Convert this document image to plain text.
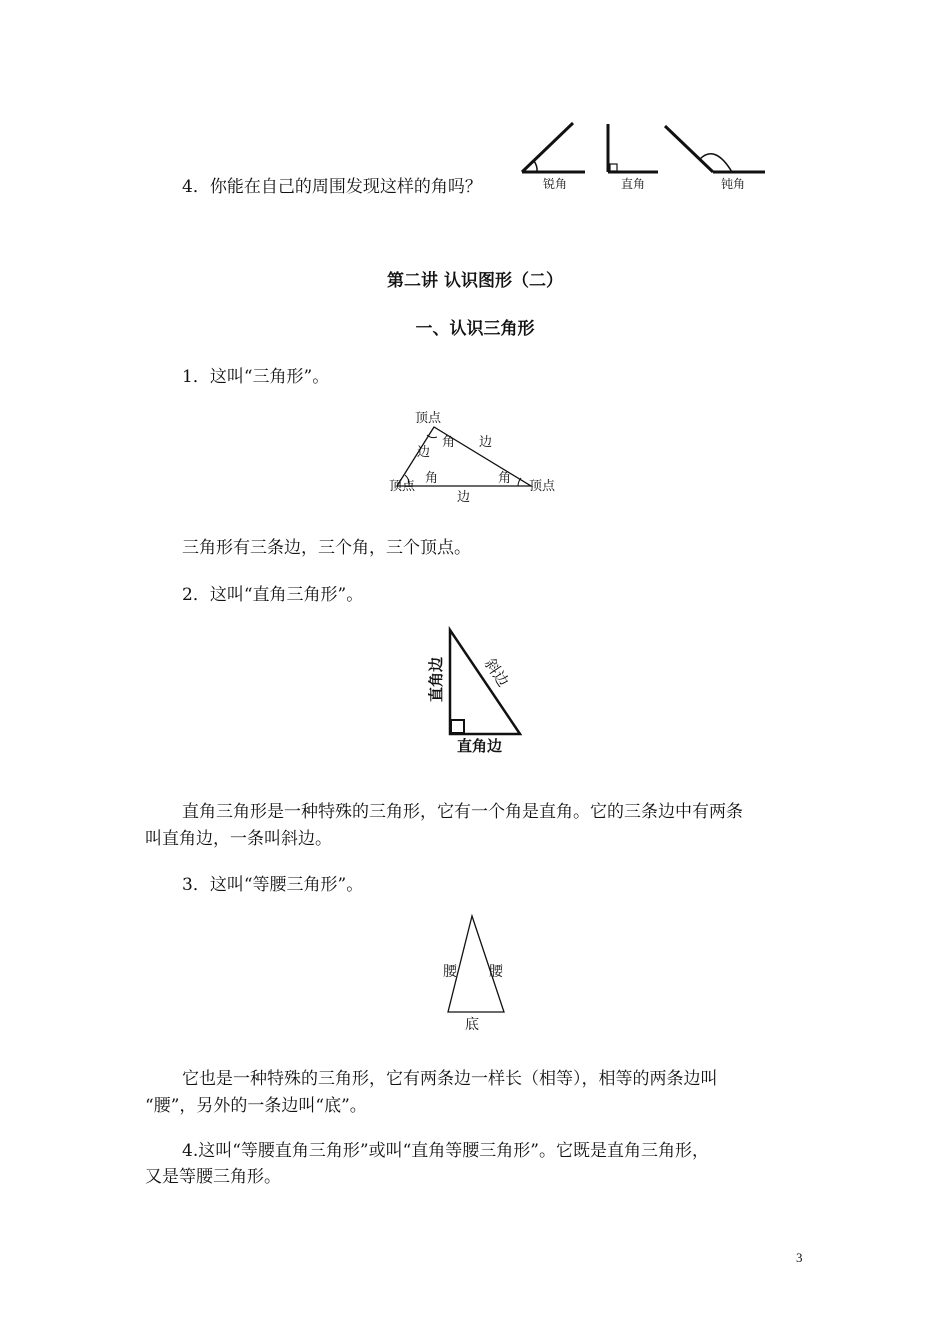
4．你能在自己的周围发现这样的角吗？	锐角	直角	钝角
第二讲 认识图形（二）
一、认识三角形
1．这叫“三角形”。
顶点
角
边
边
顶点
角	角
顶点
边
三角形有三条边，三个角，三个顶点。
2．这叫“直角三角形”。
直角边 斜边
直角边
直角三角形是一种特殊的三角形，它有一个角是直角。它的三条边中有两条
叫直角边，一条叫斜边。
3．这叫“等腰三角形”。
腰 腰
底
它也是一种特殊的三角形，它有两条边一样长（相等），相等的两条边叫
“腰”，另外的一条边叫“底”。
4.这叫“等腰直角三角形”或叫“直角等腰三角形”。它既是直角三角形，
又是等腰三角形。
3
